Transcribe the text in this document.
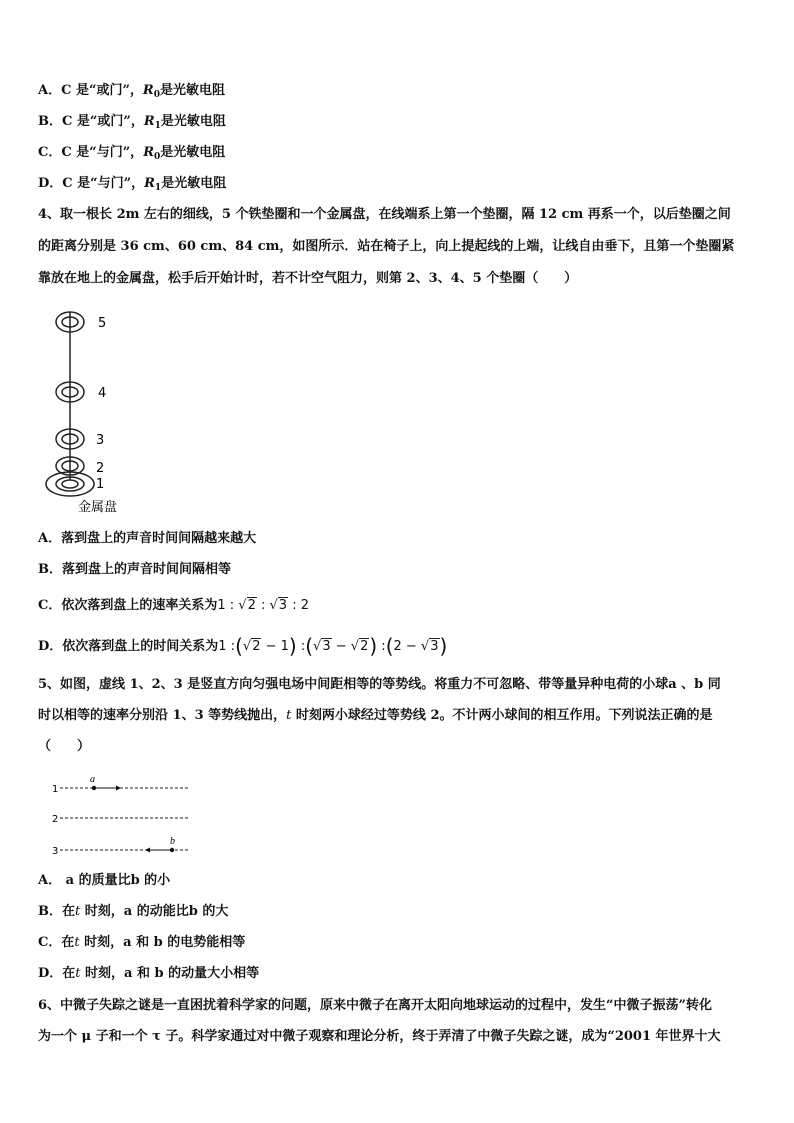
A．C 是“或门”，$R_0$是光敏电阻
B．C 是“或门”，$R_1$是光敏电阻
C．C 是“与门”，$R_0$是光敏电阻
D．C 是“与门”，$R_1$是光敏电阻
4、取一根长 2m 左右的细线，5 个铁垫圈和一个金属盘，在线端系上第一个垫圈，隔 12 cm 再系一个，以后垫圈之间
的距离分别是 36 cm、60 cm、84 cm，如图所示．站在椅子上，向上提起线的上端，让线自由垂下，且第一个垫圈紧
靠放在地上的金属盘，松手后开始计时，若不计空气阻力，则第 2、3、4、5 个垫圈（　　）
5
4
3
2
1
金属盘
A．落到盘上的声音时间间隔越来越大
B．落到盘上的声音时间间隔相等
C．依次落到盘上的速率关系为1 : √2 : √3 : 2
D．依次落到盘上的时间关系为1 :(√2 − 1) :(√3 − √2) :(2 − √3)
5、如图，虚线 1、2、3 是竖直方向匀强电场中间距相等的等势线。将重力不可忽略、带等量异种电荷的小球a 、b 同
时以相等的速率分别沿 1、3 等势线抛出，t 时刻两小球经过等势线 2。不计两小球间的相互作用。下列说法正确的是
（　　）
1
2
3
a
b
A． a 的质量比b 的小
B．在t 时刻，a 的动能比b 的大
C．在t 时刻，a 和 b 的电势能相等
D．在t 时刻，a 和 b 的动量大小相等
6、中微子失踪之谜是一直困扰着科学家的问题，原来中微子在离开太阳向地球运动的过程中，发生“中微子振荡”转化
为一个 μ 子和一个 τ 子。科学家通过对中微子观察和理论分析，终于弄清了中微子失踪之谜，成为“2001 年世界十大
